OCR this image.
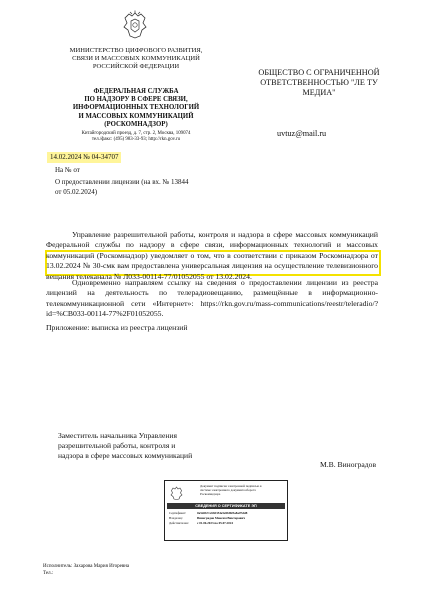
МИНИСТЕРСТВО ЦИФРОВОГО РАЗВИТИЯ,
СВЯЗИ И МАССОВЫХ КОММУНИКАЦИЙ
РОССИЙСКОЙ ФЕДЕРАЦИИ
ФЕДЕРАЛЬНАЯ СЛУЖБА
ПО НАДЗОРУ В СФЕРЕ СВЯЗИ,
ИНФОРМАЦИОННЫХ ТЕХНОЛОГИЙ
И МАССОВЫХ КОММУНИКАЦИЙ
(РОСКОМНАДЗОР)
Китайгородский проезд, д. 7, стр. 2, Москва, 109074
тел./факс: (495) 983-33-93; http://rkn.gov.ru
14.02.2024 № 04-34707
На № от
О предоставлении лицензии (на вх. № 13844
от 05.02.2024)
ОБЩЕСТВО С ОГРАНИЧЕННОЙ
ОТВЕТСТВЕННОСТЬЮ "ЛЕ ТУ
МЕДИА"
uvtuz@mail.ru
Управление разрешительной работы, контроля и надзора в сфере массовых коммуникаций Федеральной службы по надзору в сфере связи, информационных технологий и массовых коммуникаций (Роскомнадзор) уведомляет о том, что в соответствии с приказом Роскомнадзора от 13.02.2024 № 30-смк вам предоставлена универсальная лицензия на осуществление телевизионного вещания телеканала № Л033-00114-77/01052055 от 13.02.2024.
Одновременно направляем ссылку на сведения о предоставлении лицензии из реестра лицензий на деятельность по телерадиовещанию, размещённые в информационно-телекоммуникационной сети «Интернет»: https://rkn.gov.ru/mass-communications/reestr/teleradio/?id=%CB033-00114-77%2F01052055.
Приложение: выписка из реестра лицензий
Заместитель начальника Управления
разрешительной работы, контроля и
надзора в сфере массовых коммуникаций
М.В. Виноградов
Документ подписан электронной подписью в
системе электронного документооборота
Роскомнадзора
СВЕДЕНИЯ О СЕРТИФИКАТЕ ЭП
Сертификат:	0a5d2b7cc665354e5a9bf6f5a8a07dd8
Владелец:	Виноградов Максим Викторович
Действителен:	с 01.06.2023 по 05.07.2024
Исполнитель: Захарова Мария Игоревна
Тел.:
